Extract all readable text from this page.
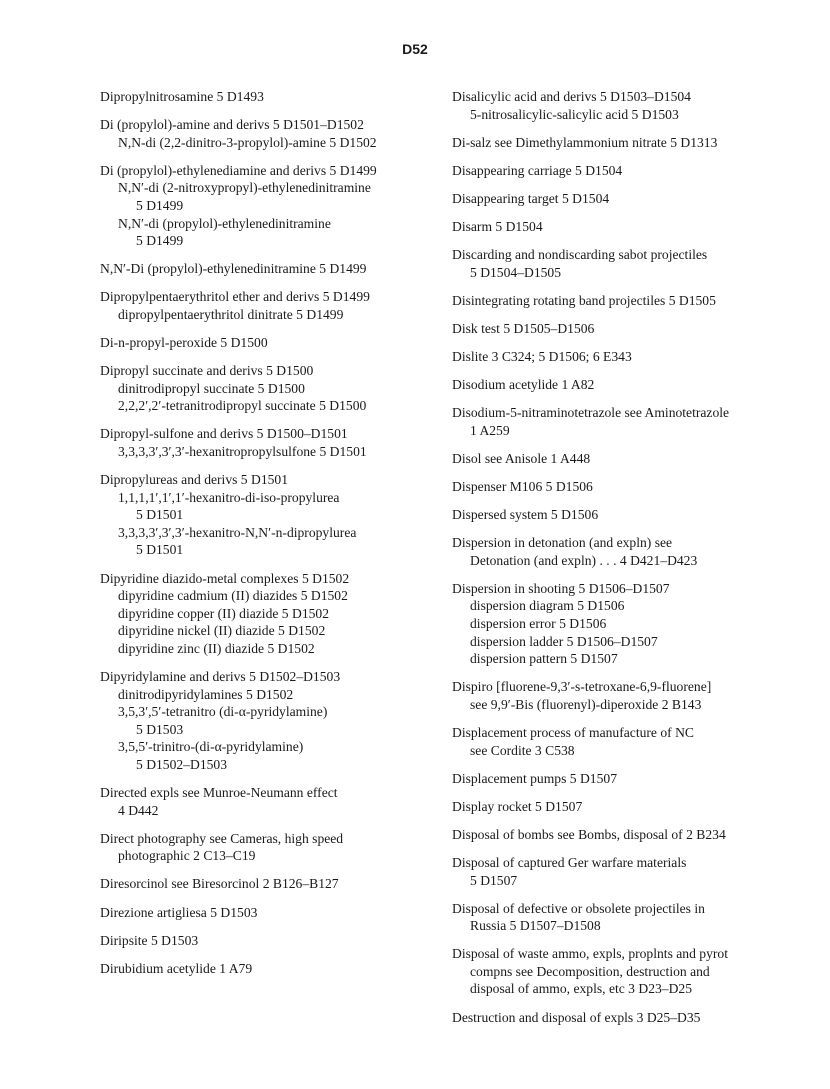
D52
Dipropylnitrosamine 5 D1493
Di (propylol)-amine and derivs 5 D1501–D1502
N,N-di (2,2-dinitro-3-propylol)-amine 5 D1502
Di (propylol)-ethylenediamine and derivs 5 D1499
N,N′-di (2-nitroxypropyl)-ethylenedinitramine
5 D1499
N,N′-di (propylol)-ethylenedinitramine
5 D1499
N,N′-Di (propylol)-ethylenedinitramine 5 D1499
Dipropylpentaerythritol ether and derivs 5 D1499
dipropylpentaerythritol dinitrate 5 D1499
Di-n-propyl-peroxide 5 D1500
Dipropyl succinate and derivs 5 D1500
dinitrodipropyl succinate 5 D1500
2,2,2′,2′-tetranitrodipropyl succinate 5 D1500
Dipropyl-sulfone and derivs 5 D1500–D1501
3,3,3,3′,3′,3′-hexanitropropylsulfone 5 D1501
Dipropylureas and derivs 5 D1501
1,1,1,1′,1′,1′-hexanitro-di-iso-propylurea
5 D1501
3,3,3,3′,3′,3′-hexanitro-N,N′-n-dipropylurea
5 D1501
Dipyridine diazido-metal complexes 5 D1502
dipyridine cadmium (II) diazides 5 D1502
dipyridine copper (II) diazide 5 D1502
dipyridine nickel (II) diazide 5 D1502
dipyridine zinc (II) diazide 5 D1502
Dipyridylamine and derivs 5 D1502–D1503
dinitrodipyridylamines 5 D1502
3,5,3′,5′-tetranitro (di-α-pyridylamine)
5 D1503
3,5,5′-trinitro-(di-α-pyridylamine)
5 D1502–D1503
Directed expls see Munroe-Neumann effect
4 D442
Direct photography see Cameras, high speed
photographic 2 C13–C19
Diresorcinol see Biresorcinol 2 B126–B127
Direzione artigliesa 5 D1503
Diripsite 5 D1503
Dirubidium acetylide 1 A79
Disalicylic acid and derivs 5 D1503–D1504
5-nitrosalicylic-salicylic acid 5 D1503
Di-salz see Dimethylammonium nitrate 5 D1313
Disappearing carriage 5 D1504
Disappearing target 5 D1504
Disarm 5 D1504
Discarding and nondiscarding sabot projectiles
5 D1504–D1505
Disintegrating rotating band projectiles 5 D1505
Disk test 5 D1505–D1506
Dislite 3 C324; 5 D1506; 6 E343
Disodium acetylide 1 A82
Disodium-5-nitraminotetrazole see Aminotetrazole
1 A259
Disol see Anisole 1 A448
Dispenser M106 5 D1506
Dispersed system 5 D1506
Dispersion in detonation (and expln) see
Detonation (and expln) . . . 4 D421–D423
Dispersion in shooting 5 D1506–D1507
dispersion diagram 5 D1506
dispersion error 5 D1506
dispersion ladder 5 D1506–D1507
dispersion pattern 5 D1507
Dispiro [fluorene-9,3′-s-tetroxane-6,9-fluorene]
see 9,9′-Bis (fluorenyl)-diperoxide 2 B143
Displacement process of manufacture of NC
see Cordite 3 C538
Displacement pumps 5 D1507
Display rocket 5 D1507
Disposal of bombs see Bombs, disposal of 2 B234
Disposal of captured Ger warfare materials
5 D1507
Disposal of defective or obsolete projectiles in
Russia 5 D1507–D1508
Disposal of waste ammo, expls, proplnts and pyrot
compns see Decomposition, destruction and
disposal of ammo, expls, etc 3 D23–D25
Destruction and disposal of expls 3 D25–D35
